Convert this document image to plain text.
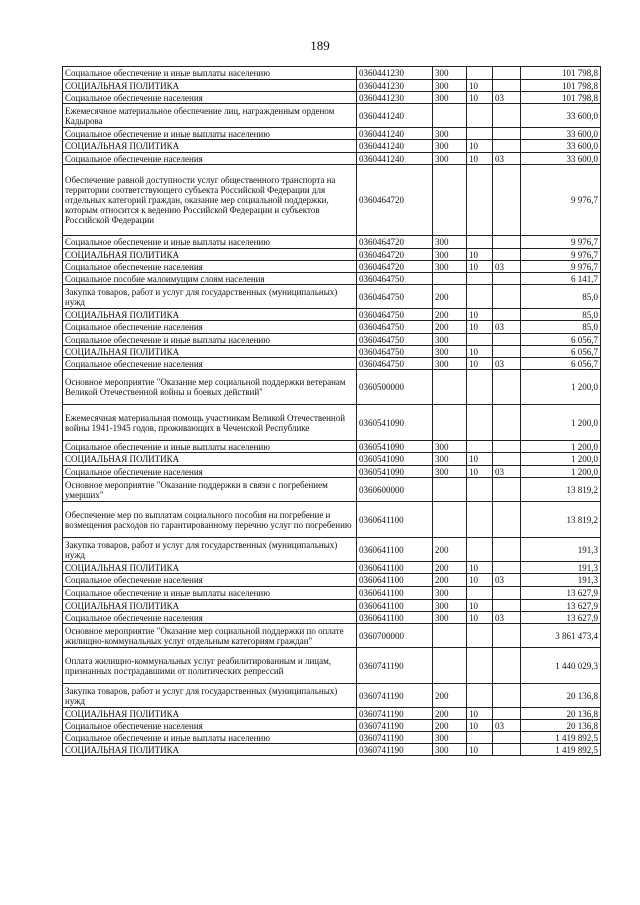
189
Социальное обеспечение и иные выплаты населению	0360441230	300			101 798,8
СОЦИАЛЬНАЯ ПОЛИТИКА	0360441230	300	10		101 798,8
Социальное обеспечение населения	0360441230	300	10	03	101 798,8
Ежемесячное материальное обеспечение лиц, награжденным орденом Кадырова	0360441240				33 600,0
Социальное обеспечение и иные выплаты населению	0360441240	300			33 600,0
СОЦИАЛЬНАЯ ПОЛИТИКА	0360441240	300	10		33 600,0
Социальное обеспечение населения	0360441240	300	10	03	33 600,0
Обеспечение равной доступности услуг общественного транспорта на территории соответствующего субъекта Российской Федерации для отдельных категорий граждан, оказание мер социальной поддержки, которым относится к ведению Российской Федерации и субъектов Российской Федерации	0360464720				9 976,7
Социальное обеспечение и иные выплаты населению	0360464720	300			9 976,7
СОЦИАЛЬНАЯ ПОЛИТИКА	0360464720	300	10		9 976,7
Социальное обеспечение населения	0360464720	300	10	03	9 976,7
Социальное пособие малоимущим слоям населения	0360464750				6 141,7
Закупка товаров, работ и услуг для государственных (муниципальных) нужд	0360464750	200			85,0
СОЦИАЛЬНАЯ ПОЛИТИКА	0360464750	200	10		85,0
Социальное обеспечение населения	0360464750	200	10	03	85,0
Социальное обеспечение и иные выплаты населению	0360464750	300			6 056,7
СОЦИАЛЬНАЯ ПОЛИТИКА	0360464750	300	10		6 056,7
Социальное обеспечение населения	0360464750	300	10	03	6 056,7
Основное мероприятие "Оказание мер социальной поддержки ветеранам Великой Отечественной войны и боевых действий"	0360500000				1 200,0
Ежемесячная материальная помощь участникам Великой Отечественной войны 1941-1945 годов, проживающих в Чеченской Республике	0360541090				1 200,0
Социальное обеспечение и иные выплаты населению	0360541090	300			1 200,0
СОЦИАЛЬНАЯ ПОЛИТИКА	0360541090	300	10		1 200,0
Социальное обеспечение населения	0360541090	300	10	03	1 200,0
Основное мероприятие "Оказание поддержки в связи с погребением умерших"	0360600000				13 819,2
Обеспечение мер по выплатам социального пособия на погребение и возмещения расходов по гарантированному перечню услуг по погребению	0360641100				13 819,2
Закупка товаров, работ и услуг для государственных (муниципальных) нужд	0360641100	200			191,3
СОЦИАЛЬНАЯ ПОЛИТИКА	0360641100	200	10		191,3
Социальное обеспечение населения	0360641100	200	10	03	191,3
Социальное обеспечение и иные выплаты населению	0360641100	300			13 627,9
СОЦИАЛЬНАЯ ПОЛИТИКА	0360641100	300	10		13 627,9
Социальное обеспечение населения	0360641100	300	10	03	13 627,9
Основное мероприятие "Оказание мер социальной поддержки по оплате жилищно-коммунальных услуг отдельным категориям граждан"	0360700000				3 861 473,4
Оплата жилищно-коммунальных услуг реабилитированным и лицам, признанных пострадавшими от политических репрессий	0360741190				1 440 029,3
Закупка товаров, работ и услуг для государственных (муниципальных) нужд	0360741190	200			20 136,8
СОЦИАЛЬНАЯ ПОЛИТИКА	0360741190	200	10		20 136,8
Социальное обеспечение населения	0360741190	200	10	03	20 136,8
Социальное обеспечение и иные выплаты населению	0360741190	300			1 419 892,5
СОЦИАЛЬНАЯ ПОЛИТИКА	0360741190	300	10		1 419 892,5
